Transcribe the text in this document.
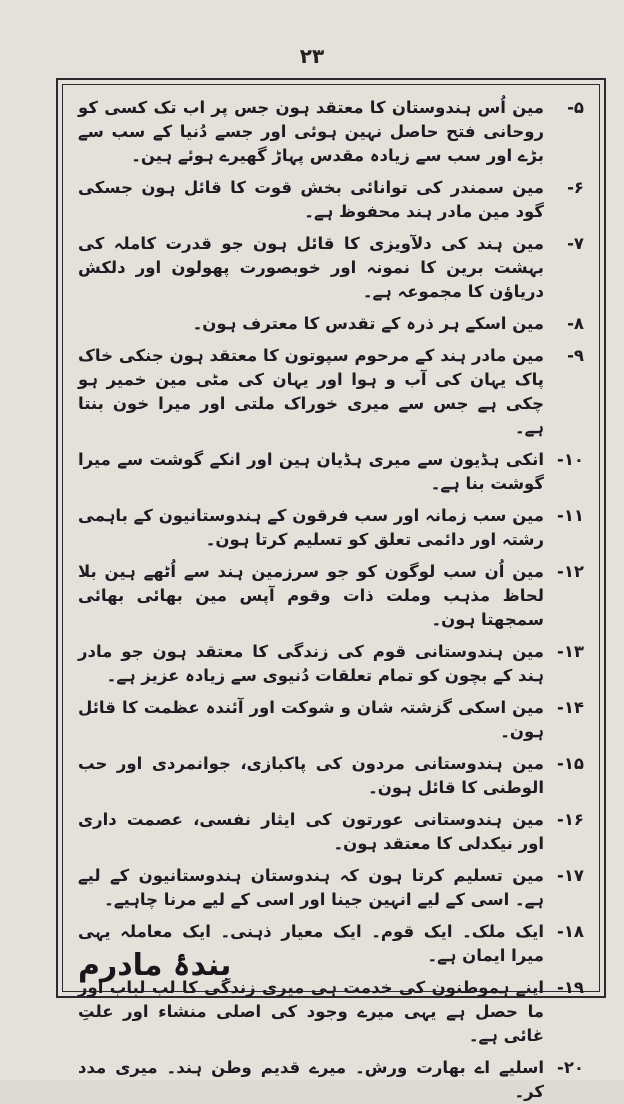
۲۳
۵-
مین اُس ہندوستان کا معتقد ہون جس پر اب تک کسی کو روحانی فتح حاصل نہین ہوئی اور جسے دُنیا کے سب سے بڑے اور سب سے زیادہ مقدس پہاڑ گھیرے ہوئے ہین۔
۶-
مین سمندر کی توانائی بخش قوت کا قائل ہون جسکی گود مین مادر ہند محفوظ ہے۔
۷-
مین ہند کی دلآویزی کا قائل ہون جو قدرت کاملہ کی بہشت برین کا نمونہ اور خوبصورت پھولون اور دلکش دریاؤن کا مجموعہ ہے۔
۸-
مین اسکے ہر ذرہ کے تقدس کا معترف ہون۔
۹-
مین مادر ہند کے مرحوم سپوتون کا معتقد ہون جنکی خاک پاک یہان کی آب و ہوا اور یہان کی مٹی مین خمیر ہو چکی ہے جس سے میری خوراک ملتی اور میرا خون بنتا ہے۔
۱۰-
انکی ہڈیون سے میری ہڈیان ہین اور انکے گوشت سے میرا گوشت بنا ہے۔
۱۱-
مین سب زمانہ اور سب فرقون کے ہندوستانیون کے باہمی رشتہ اور دائمی تعلق کو تسلیم کرتا ہون۔
۱۲-
مین اُن سب لوگون کو جو سرزمین ہند سے اُٹھے ہین بلا لحاظ مذہب وملت ذات وقوم آپس مین بھائی بھائی سمجھتا ہون۔
۱۳-
مین ہندوستانی قوم کی زندگی کا معتقد ہون جو مادر ہند کے بچون کو تمام تعلقات دُنیوی سے زیادہ عزیز ہے۔
۱۴-
مین اسکی گزشتہ شان و شوکت اور آئندہ عظمت کا قائل ہون۔
۱۵-
مین ہندوستانی مردون کی پاکبازی، جوانمردی اور حب الوطنی کا قائل ہون۔
۱۶-
مین ہندوستانی عورتون کی ایثار نفسی، عصمت داری اور نیکدلی کا معتقد ہون۔
۱۷-
مین تسلیم کرتا ہون کہ ہندوستان ہندوستانیون کے لیے ہے۔ اسی کے لیے انہین جینا اور اسی کے لیے مرنا چاہیے۔
۱۸-
ایک ملک۔ ایک قوم۔ ایک معیار ذہنی۔ ایک معاملہ یہی میرا ایمان ہے۔
۱۹-
اپنے ہموطنون کی خدمت ہی میری زندگی کا لب لباب اور ما حصل ہے یہی میرے وجود کی اصلی منشاء اور علتِ غائی ہے۔
۲۰-
اسلیے اے بھارت ورش۔ میرے قدیم وطن ہند۔ میری مدد کر۔
بندۂ مادرم
